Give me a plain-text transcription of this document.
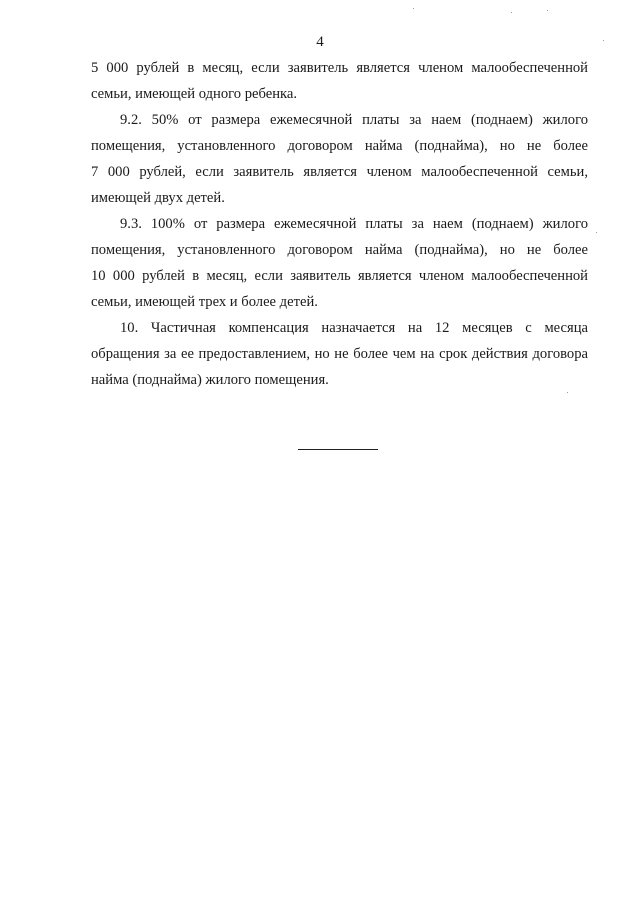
4

5 000 рублей в месяц, если заявитель является членом малообеспеченной
семьи, имеющей одного ребенка.

9.2. 50% от размера ежемесячной платы за наем (поднаем) жилого
помещения, установленного договором найма (поднайма), но не более
7 000 рублей, если заявитель является членом малообеспеченной семьи,
имеющей двух детей.

9.3. 100% от размера ежемесячной платы за наем (поднаем) жилого
помещения, установленного договором найма (поднайма), но не более
10 000 рублей в месяц, если заявитель является членом малообеспеченной
семьи, имеющей трех и более детей.

10. Частичная компенсация назначается на 12 месяцев с месяца
обращения за ее предоставлением, но не более чем на срок действия договора
найма (поднайма) жилого помещения.
